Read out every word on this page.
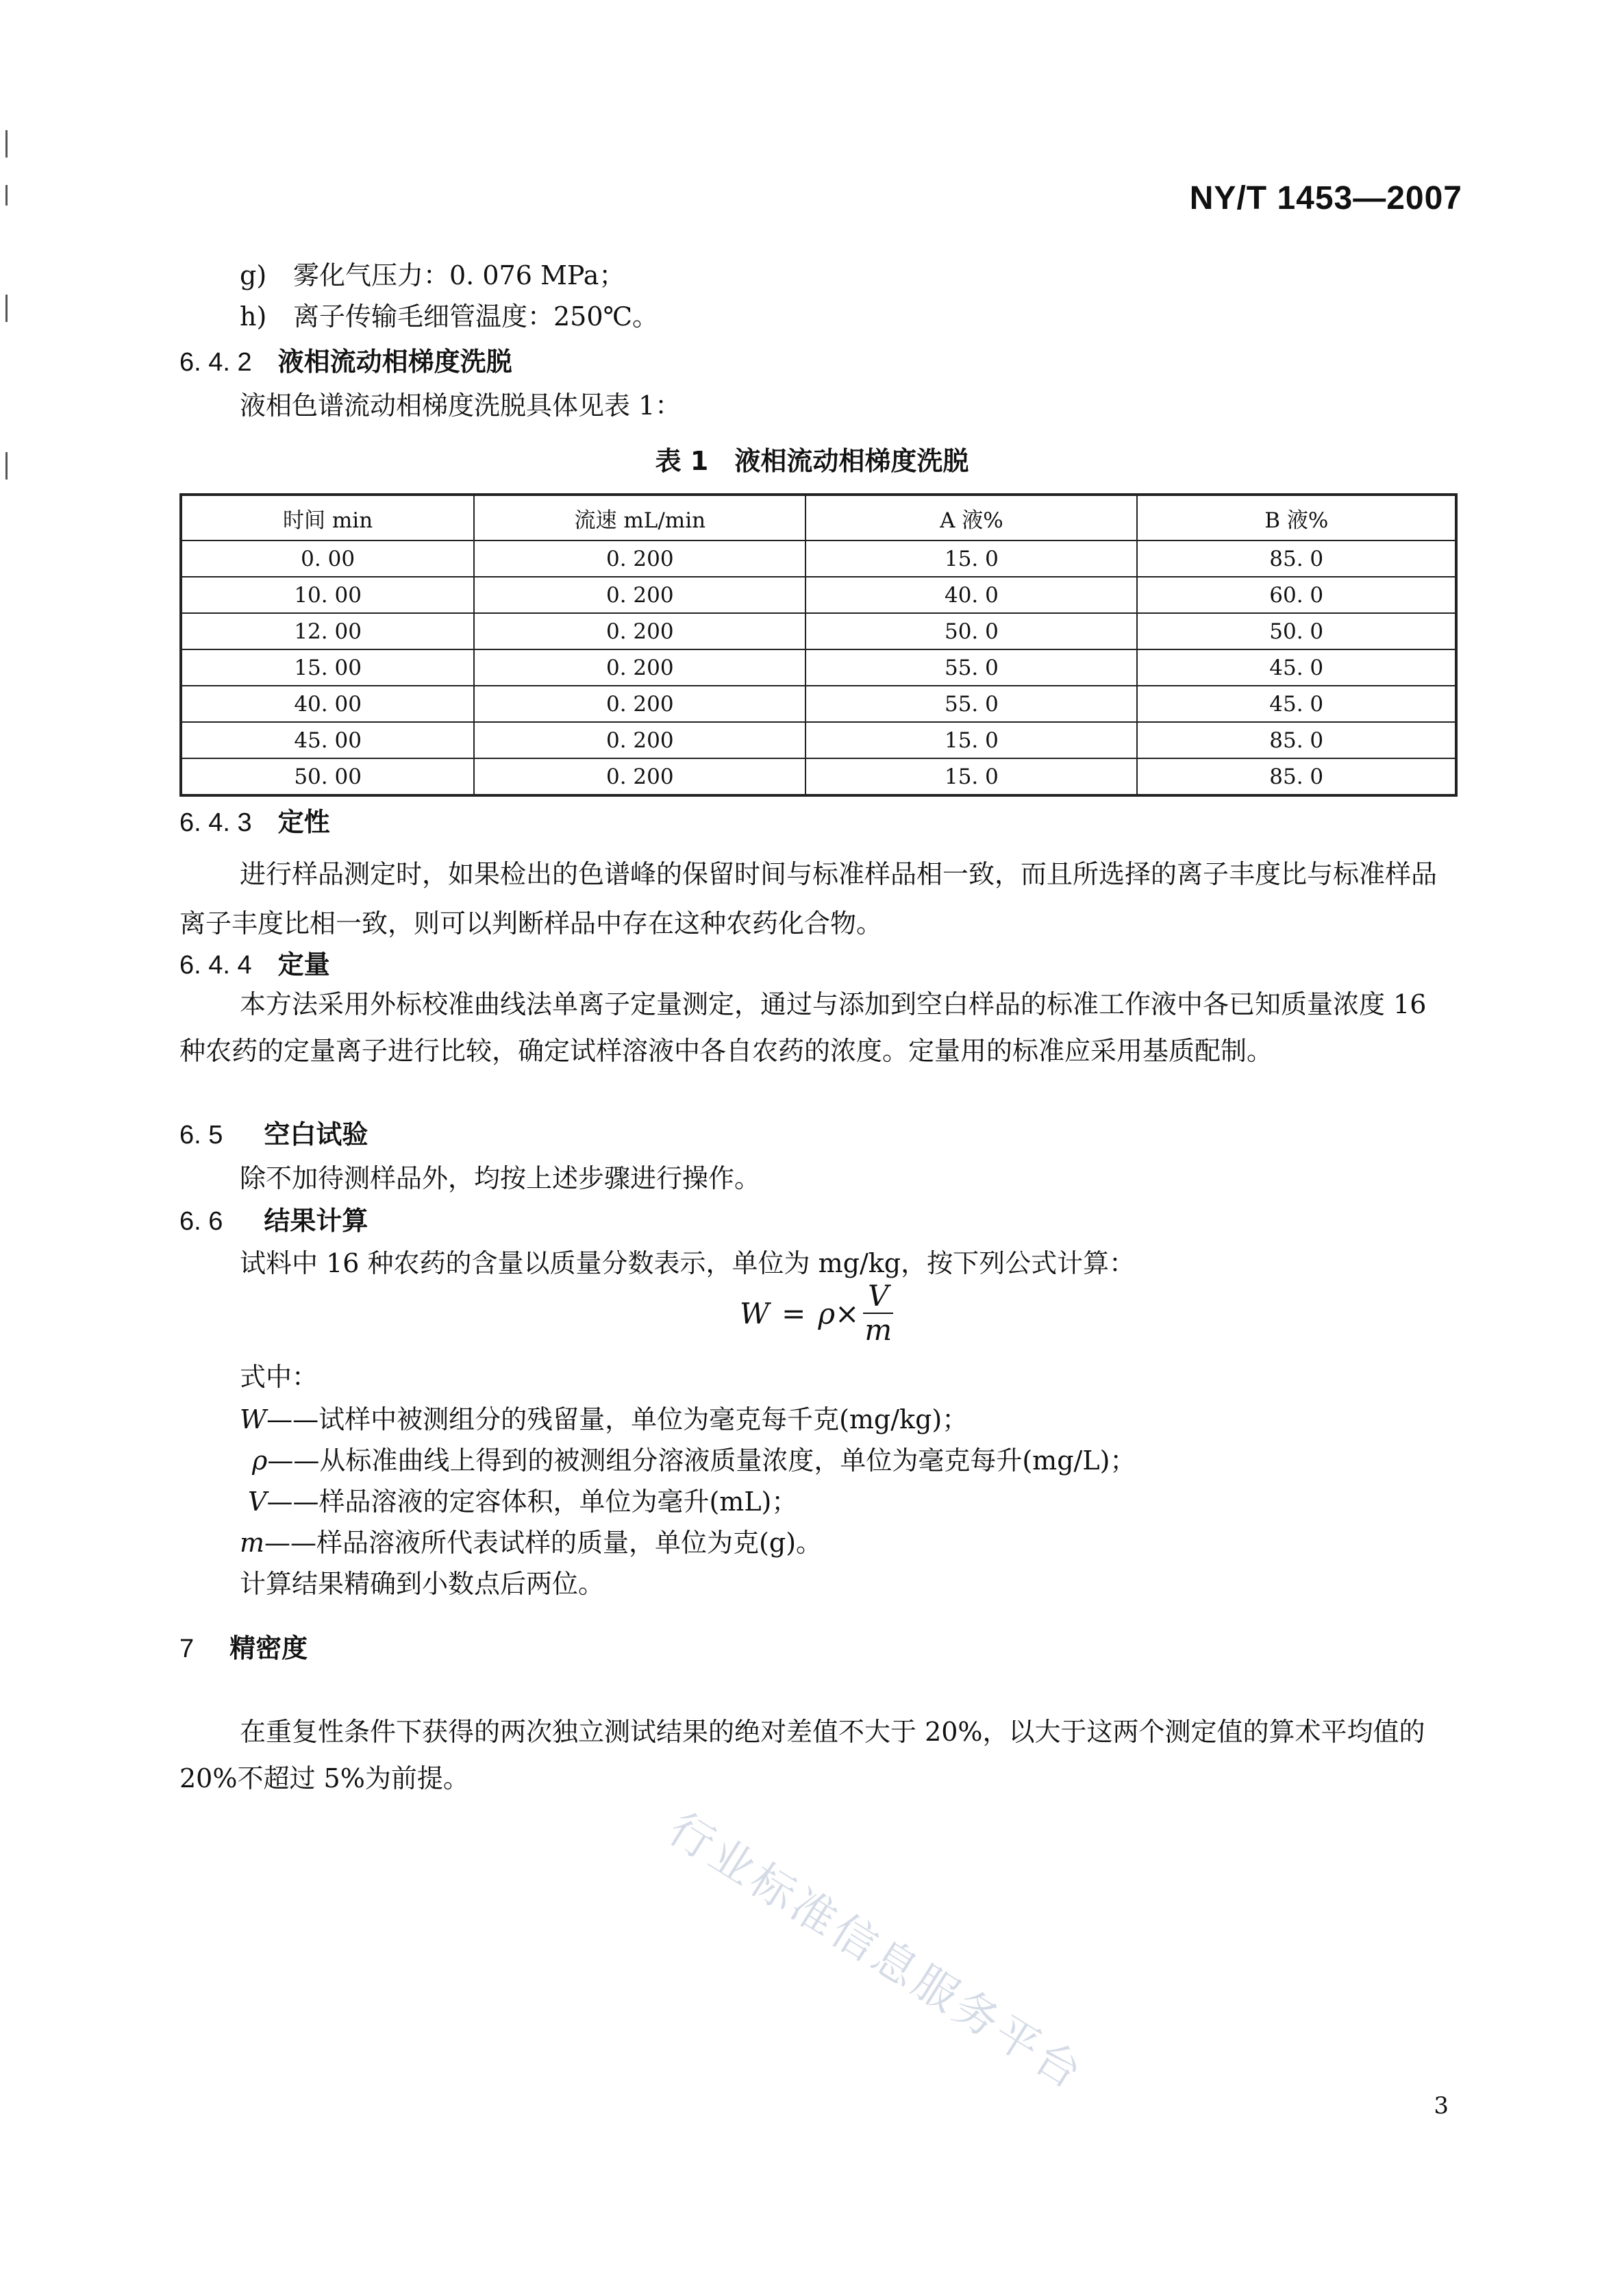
NY/T 1453—2007
g) 雾化气压力：0. 076 MPa；
h) 离子传输毛细管温度：250℃。
6. 4. 2 液相流动相梯度洗脱
液相色谱流动相梯度洗脱具体见表 1：
表 1 液相流动相梯度洗脱
时间 min	流速 mL/min	A 液%	B 液%
0. 00	0. 200	15. 0	85. 0
10. 00	0. 200	40. 0	60. 0
12. 00	0. 200	50. 0	50. 0
15. 00	0. 200	55. 0	45. 0
40. 00	0. 200	55. 0	45. 0
45. 00	0. 200	15. 0	85. 0
50. 00	0. 200	15. 0	85. 0
6. 4. 3 定性
进行样品测定时，如果检出的色谱峰的保留时间与标准样品相一致，而且所选择的离子丰度比与标准样品离子丰度比相一致，则可以判断样品中存在这种农药化合物。
6. 4. 4 定量
本方法采用外标校准曲线法单离子定量测定，通过与添加到空白样品的标准工作液中各已知质量浓度 16 种农药的定量离子进行比较，确定试样溶液中各自农药的浓度。定量用的标准应采用基质配制。
6. 5 空白试验
除不加待测样品外，均按上述步骤进行操作。
6. 6 结果计算
试料中 16 种农药的含量以质量分数表示，单位为 mg/kg，按下列公式计算：
$W = \rho \times \frac{V}{m}$
式中：
W——试样中被测组分的残留量，单位为毫克每千克(mg/kg)；
ρ——从标准曲线上得到的被测组分溶液质量浓度，单位为毫克每升(mg/L)；
V——样品溶液的定容体积，单位为毫升(mL)；
m——样品溶液所代表试样的质量，单位为克(g)。
计算结果精确到小数点后两位。
7 精密度
在重复性条件下获得的两次独立测试结果的绝对差值不大于 20%，以大于这两个测定值的算术平均值的 20%不超过 5%为前提。
行业标准信息服务平台
3
